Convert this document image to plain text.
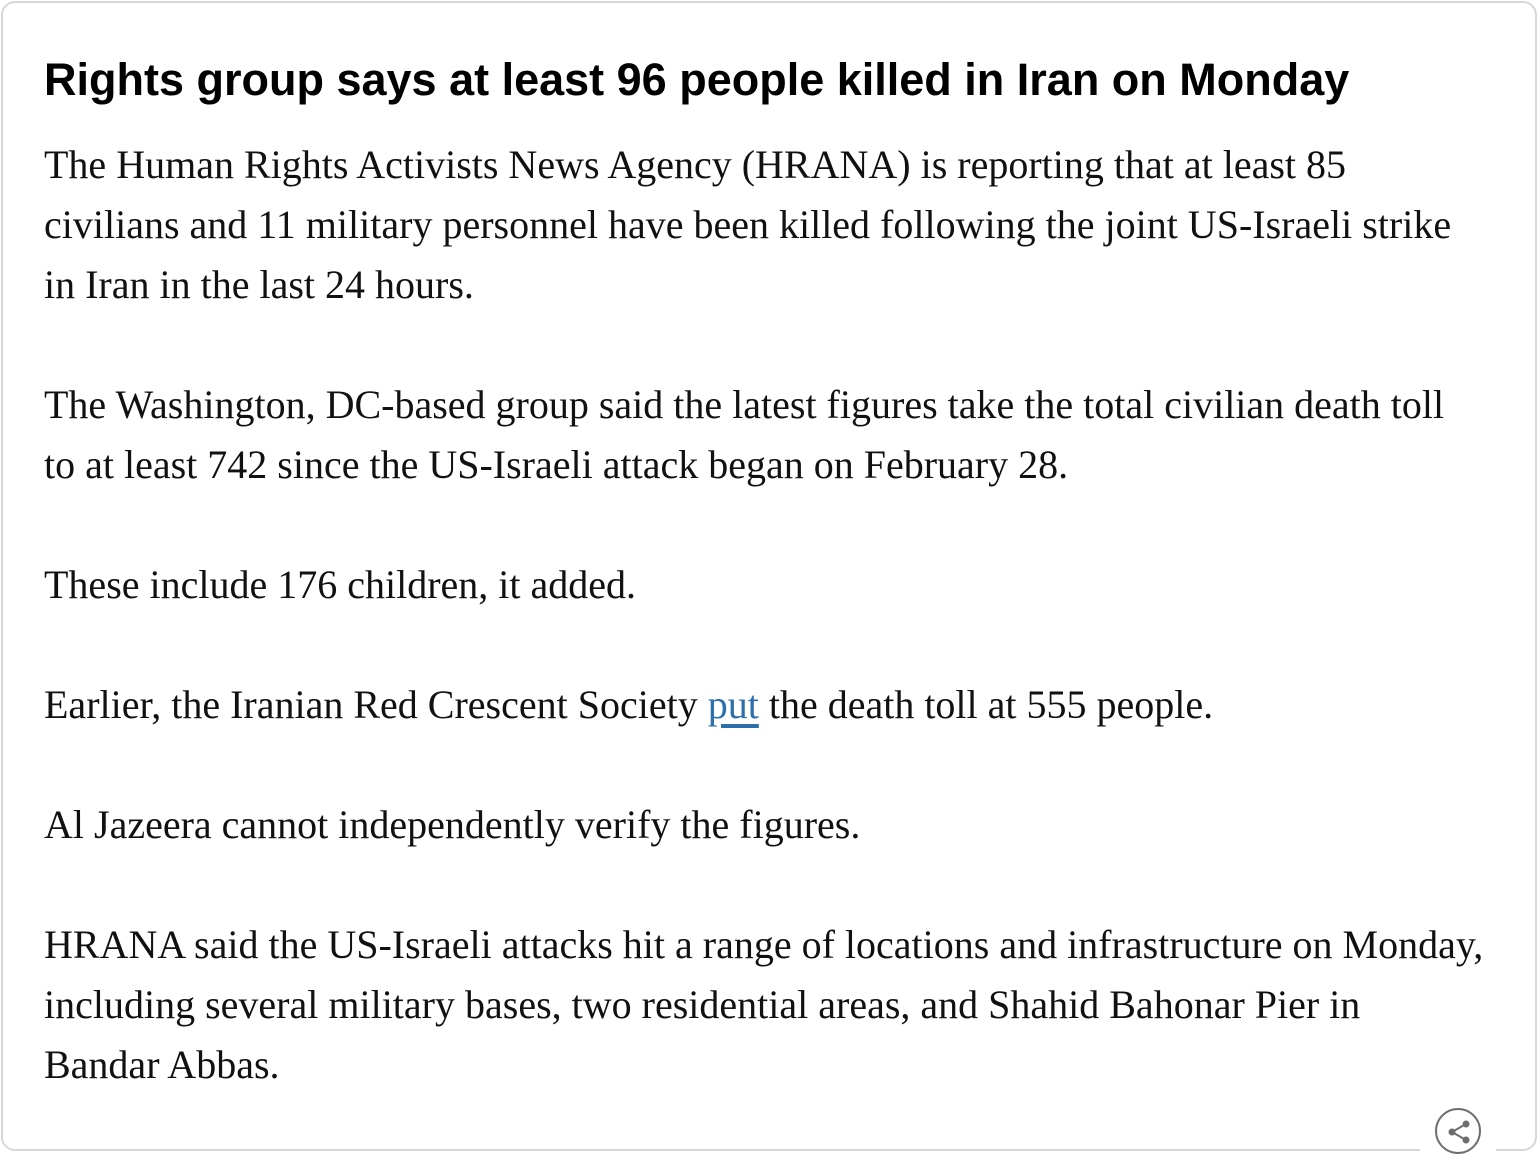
Rights group says at least 96 people killed in Iran on Monday

The Human Rights Activists News Agency (HRANA) is reporting that at least 85 civilians and 11 military personnel have been killed following the joint US-Israeli strike in Iran in the last 24 hours.

The Washington, DC-based group said the latest figures take the total civilian death toll to at least 742 since the US-Israeli attack began on February 28.

These include 176 children, it added.

Earlier, the Iranian Red Crescent Society put the death toll at 555 people.

Al Jazeera cannot independently verify the figures.

HRANA said the US-Israeli attacks hit a range of locations and infrastructure on Monday, including several military bases, two residential areas, and Shahid Bahonar Pier in Bandar Abbas.
